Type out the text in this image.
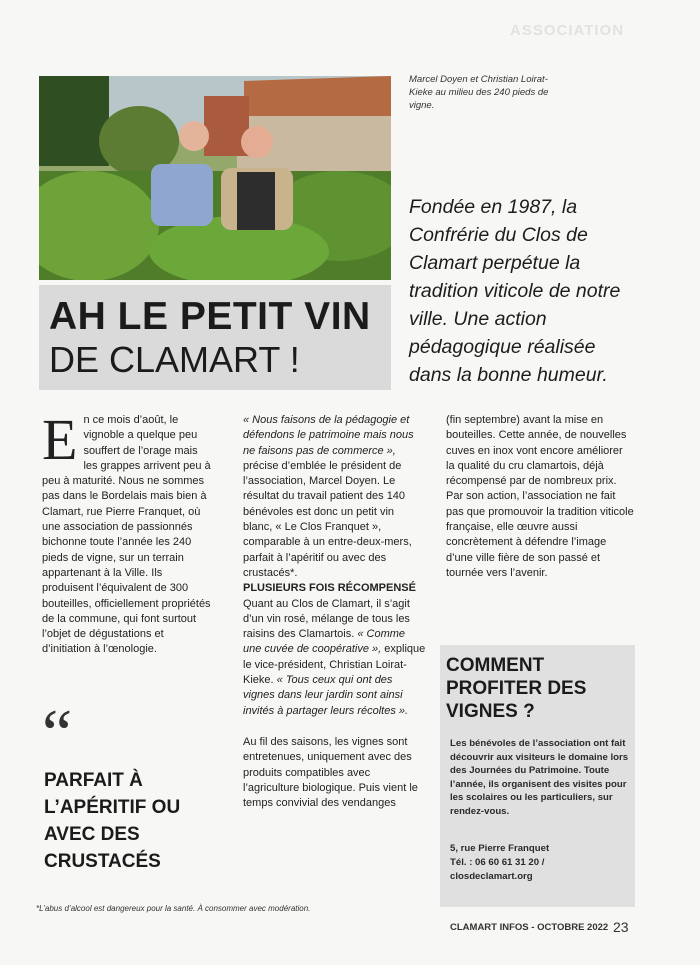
ASSOCIATION
Marcel Doyen et Christian Loirat-Kieke au milieu des 240 pieds de vigne.
AH LE PETIT VIN
DE CLAMART !
Fondée en 1987, la Confrérie du Clos de Clamart perpétue la tradition viticole de notre ville. Une action pédagogique réalisée dans la bonne humeur.

En ce mois d’août, le vignoble a quelque peu souffert de l’orage mais les grappes arrivent peu à peu à maturité. Nous ne sommes pas dans le Bordelais mais bien à Clamart, rue Pierre Franquet, où une association de passionnés bichonne toute l’année les 240 pieds de vigne, sur un terrain appartenant à la Ville. Ils produisent l’équivalent de 300 bouteilles, officiellement propriétés de la commune, qui font surtout l’objet de dégustations et d’initiation à l’œnologie.

“
PARFAIT À L’APÉRITIF OU AVEC DES CRUSTACÉS

« Nous faisons de la pédagogie et défendons le patrimoine mais nous ne faisons pas de commerce », précise d’emblée le président de l’association, Marcel Doyen. Le résultat du travail patient des 140 bénévoles est donc un petit vin blanc, « Le Clos Franquet », comparable à un entre-deux-mers, parfait à l’apéritif ou avec des crustacés*.

PLUSIEURS FOIS RÉCOMPENSÉ

Quant au Clos de Clamart, il s’agit d’un vin rosé, mélange de tous les raisins des Clamartois. « Comme une cuvée de coopérative », explique le vice-président, Christian Loirat-Kieke. « Tous ceux qui ont des vignes dans leur jardin sont ainsi invités à partager leurs récoltes ».

Au fil des saisons, les vignes sont entretenues, uniquement avec des produits compatibles avec l’agriculture biologique. Puis vient le temps convivial des vendanges

(fin septembre) avant la mise en bouteilles. Cette année, de nouvelles cuves en inox vont encore améliorer la qualité du cru clamartois, déjà récompensé par de nombreux prix.

Par son action, l’association ne fait pas que promouvoir la tradition viticole française, elle œuvre aussi concrètement à défendre l’image d’une ville fière de son passé et tournée vers l’avenir.

COMMENT PROFITER DES VIGNES ?
Les bénévoles de l’association ont fait découvrir aux visiteurs le domaine lors des Journées du Patrimoine. Toute l’année, ils organisent des visites pour les scolaires ou les particuliers, sur rendez-vous.
5, rue Pierre Franquet
Tél. : 06 60 61 31 20 /
closdeclamart.org
*L’abus d’alcool est dangereux pour la santé. À consommer avec modération.
CLAMART INFOS - OCTOBRE 2022 23
